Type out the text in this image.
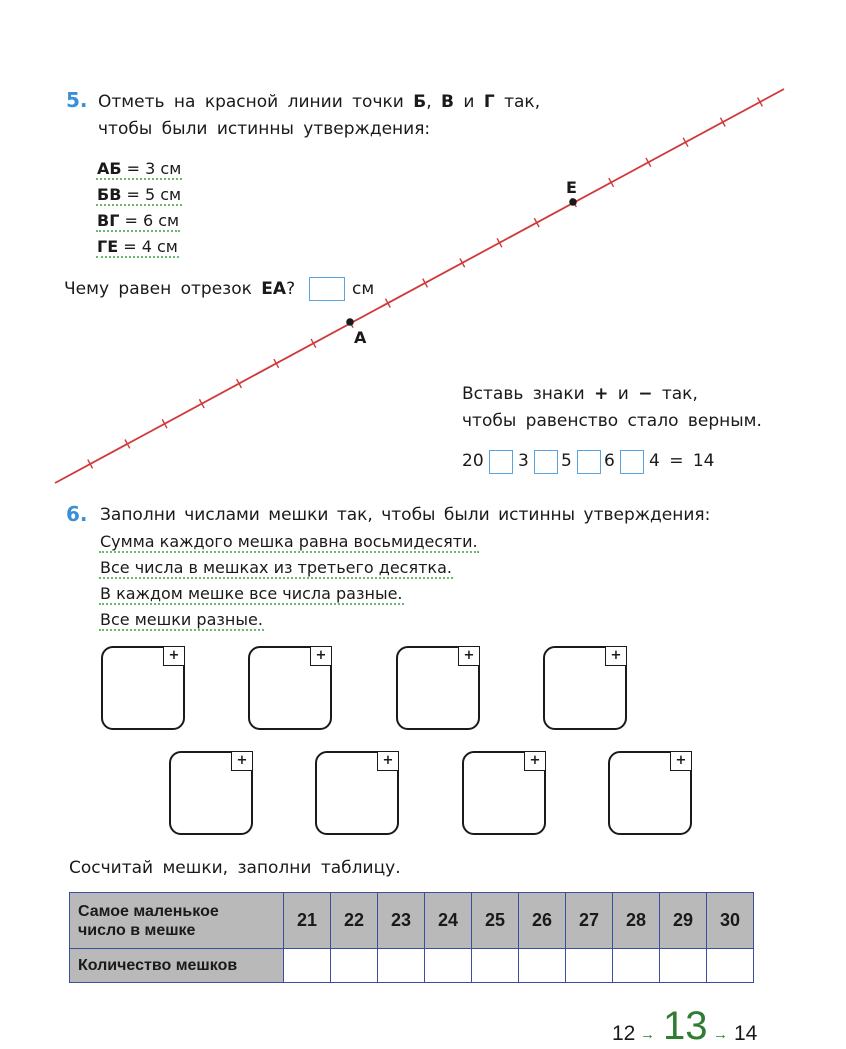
А
Е
5. Отметь на красной линии точки Б, В и Г так,
чтобы были истинны утверждения:
АБ = 3 см
БВ = 5 см
ВГ = 6 см
ГЕ = 4 см
Чему равен отрезок ЕА?	см
Вставь знаки + и − так,
чтобы равенство стало верным.
20 3 5 6 4 = 14
6. Заполни числами мешки так, чтобы были истинны утверждения:
Сумма каждого мешка равна восьмидесяти.
Все числа в мешках из третьего десятка.
В каждом мешке все числа разные.
Все мешки разные.
+	+	+	+
+	+	+	+
Сосчитай мешки, заполни таблицу.
Самое маленькое
число в мешке	21	22	23	24	25	26	27	28	29	30
Количество мешков										
12 → 13 → 14
